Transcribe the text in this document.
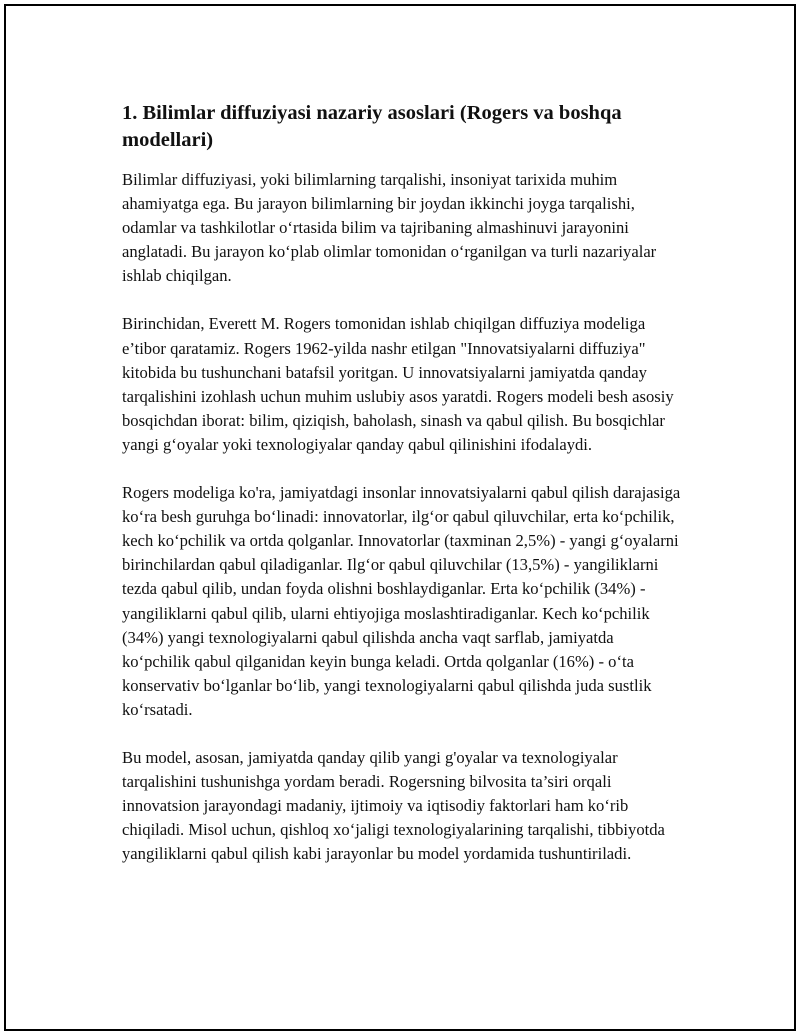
1. Bilimlar diffuziyasi nazariy asoslari (Rogers va boshqa modellari)

Bilimlar diffuziyasi, yoki bilimlarning tarqalishi, insoniyat tarixida muhim ahamiyatga ega. Bu jarayon bilimlarning bir joydan ikkinchi joyga tarqalishi, odamlar va tashkilotlar o‘rtasida bilim va tajribaning almashinuvi jarayonini anglatadi. Bu jarayon ko‘plab olimlar tomonidan o‘rganilgan va turli nazariyalar ishlab chiqilgan.

Birinchidan, Everett M. Rogers tomonidan ishlab chiqilgan diffuziya modeliga e’tibor qaratamiz. Rogers 1962-yilda nashr etilgan "Innovatsiyalarni diffuziya" kitobida bu tushunchani batafsil yoritgan. U innovatsiyalarni jamiyatda qanday tarqalishini izohlash uchun muhim uslubiy asos yaratdi. Rogers modeli besh asosiy bosqichdan iborat: bilim, qiziqish, baholash, sinash va qabul qilish. Bu bosqichlar yangi g‘oyalar yoki texnologiyalar qanday qabul qilinishini ifodalaydi.

Rogers modeliga ko'ra, jamiyatdagi insonlar innovatsiyalarni qabul qilish darajasiga ko‘ra besh guruhga bo‘linadi: innovatorlar, ilg‘or qabul qiluvchilar, erta ko‘pchilik, kech ko‘pchilik va ortda qolganlar. Innovatorlar (taxminan 2,5%) - yangi g‘oyalarni birinchilardan qabul qiladiganlar. Ilg‘or qabul qiluvchilar (13,5%) - yangiliklarni tezda qabul qilib, undan foyda olishni boshlaydiganlar. Erta ko‘pchilik (34%) - yangiliklarni qabul qilib, ularni ehtiyojiga moslashtiradiganlar. Kech ko‘pchilik (34%) yangi texnologiyalarni qabul qilishda ancha vaqt sarflab, jamiyatda ko‘pchilik qabul qilganidan keyin bunga keladi. Ortda qolganlar (16%) - o‘ta konservativ bo‘lganlar bo‘lib, yangi texnologiyalarni qabul qilishda juda sustlik ko‘rsatadi.

Bu model, asosan, jamiyatda qanday qilib yangi g'oyalar va texnologiyalar tarqalishini tushunishga yordam beradi. Rogersning bilvosita ta’siri orqali innovatsion jarayondagi madaniy, ijtimoiy va iqtisodiy faktorlari ham ko‘rib chiqiladi. Misol uchun, qishloq xo‘jaligi texnologiyalarining tarqalishi, tibbiyotda yangiliklarni qabul qilish kabi jarayonlar bu model yordamida tushuntiriladi.
